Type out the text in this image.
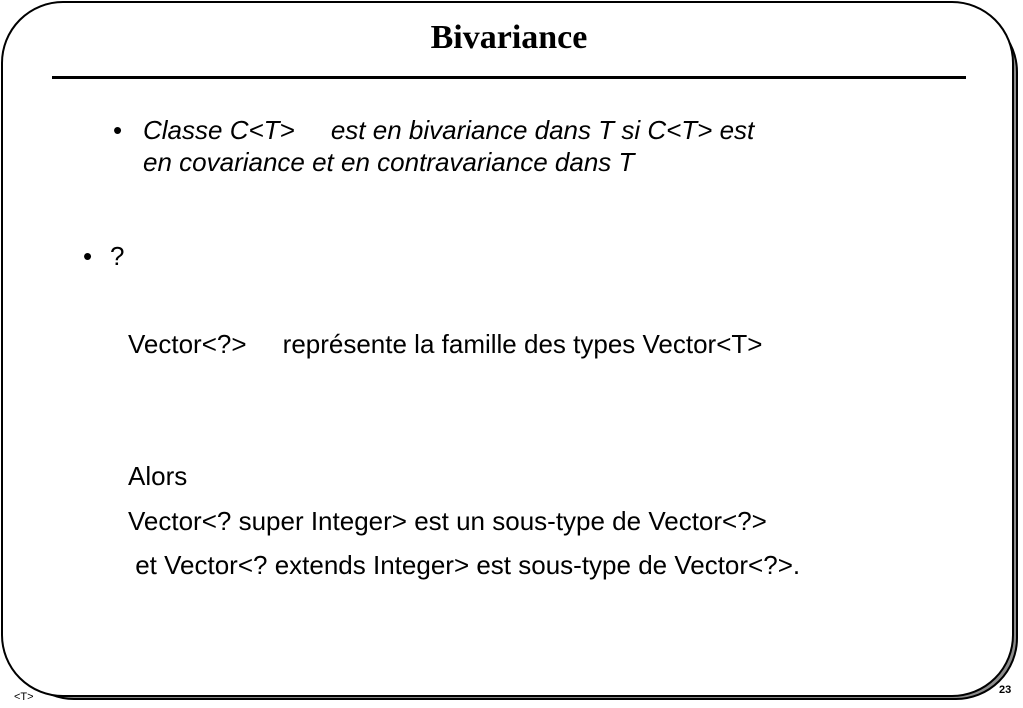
Bivariance
• Classe C<T>     est en bivariance dans T si C<T> est

en covariance et en contravariance dans T

• ?

Vector<?>     représente la famille des types Vector<T>

Alors

Vector<? super Integer> est un sous-type de Vector<?>

et Vector<? extends Integer> est sous-type de Vector<?>.

<T>
23
